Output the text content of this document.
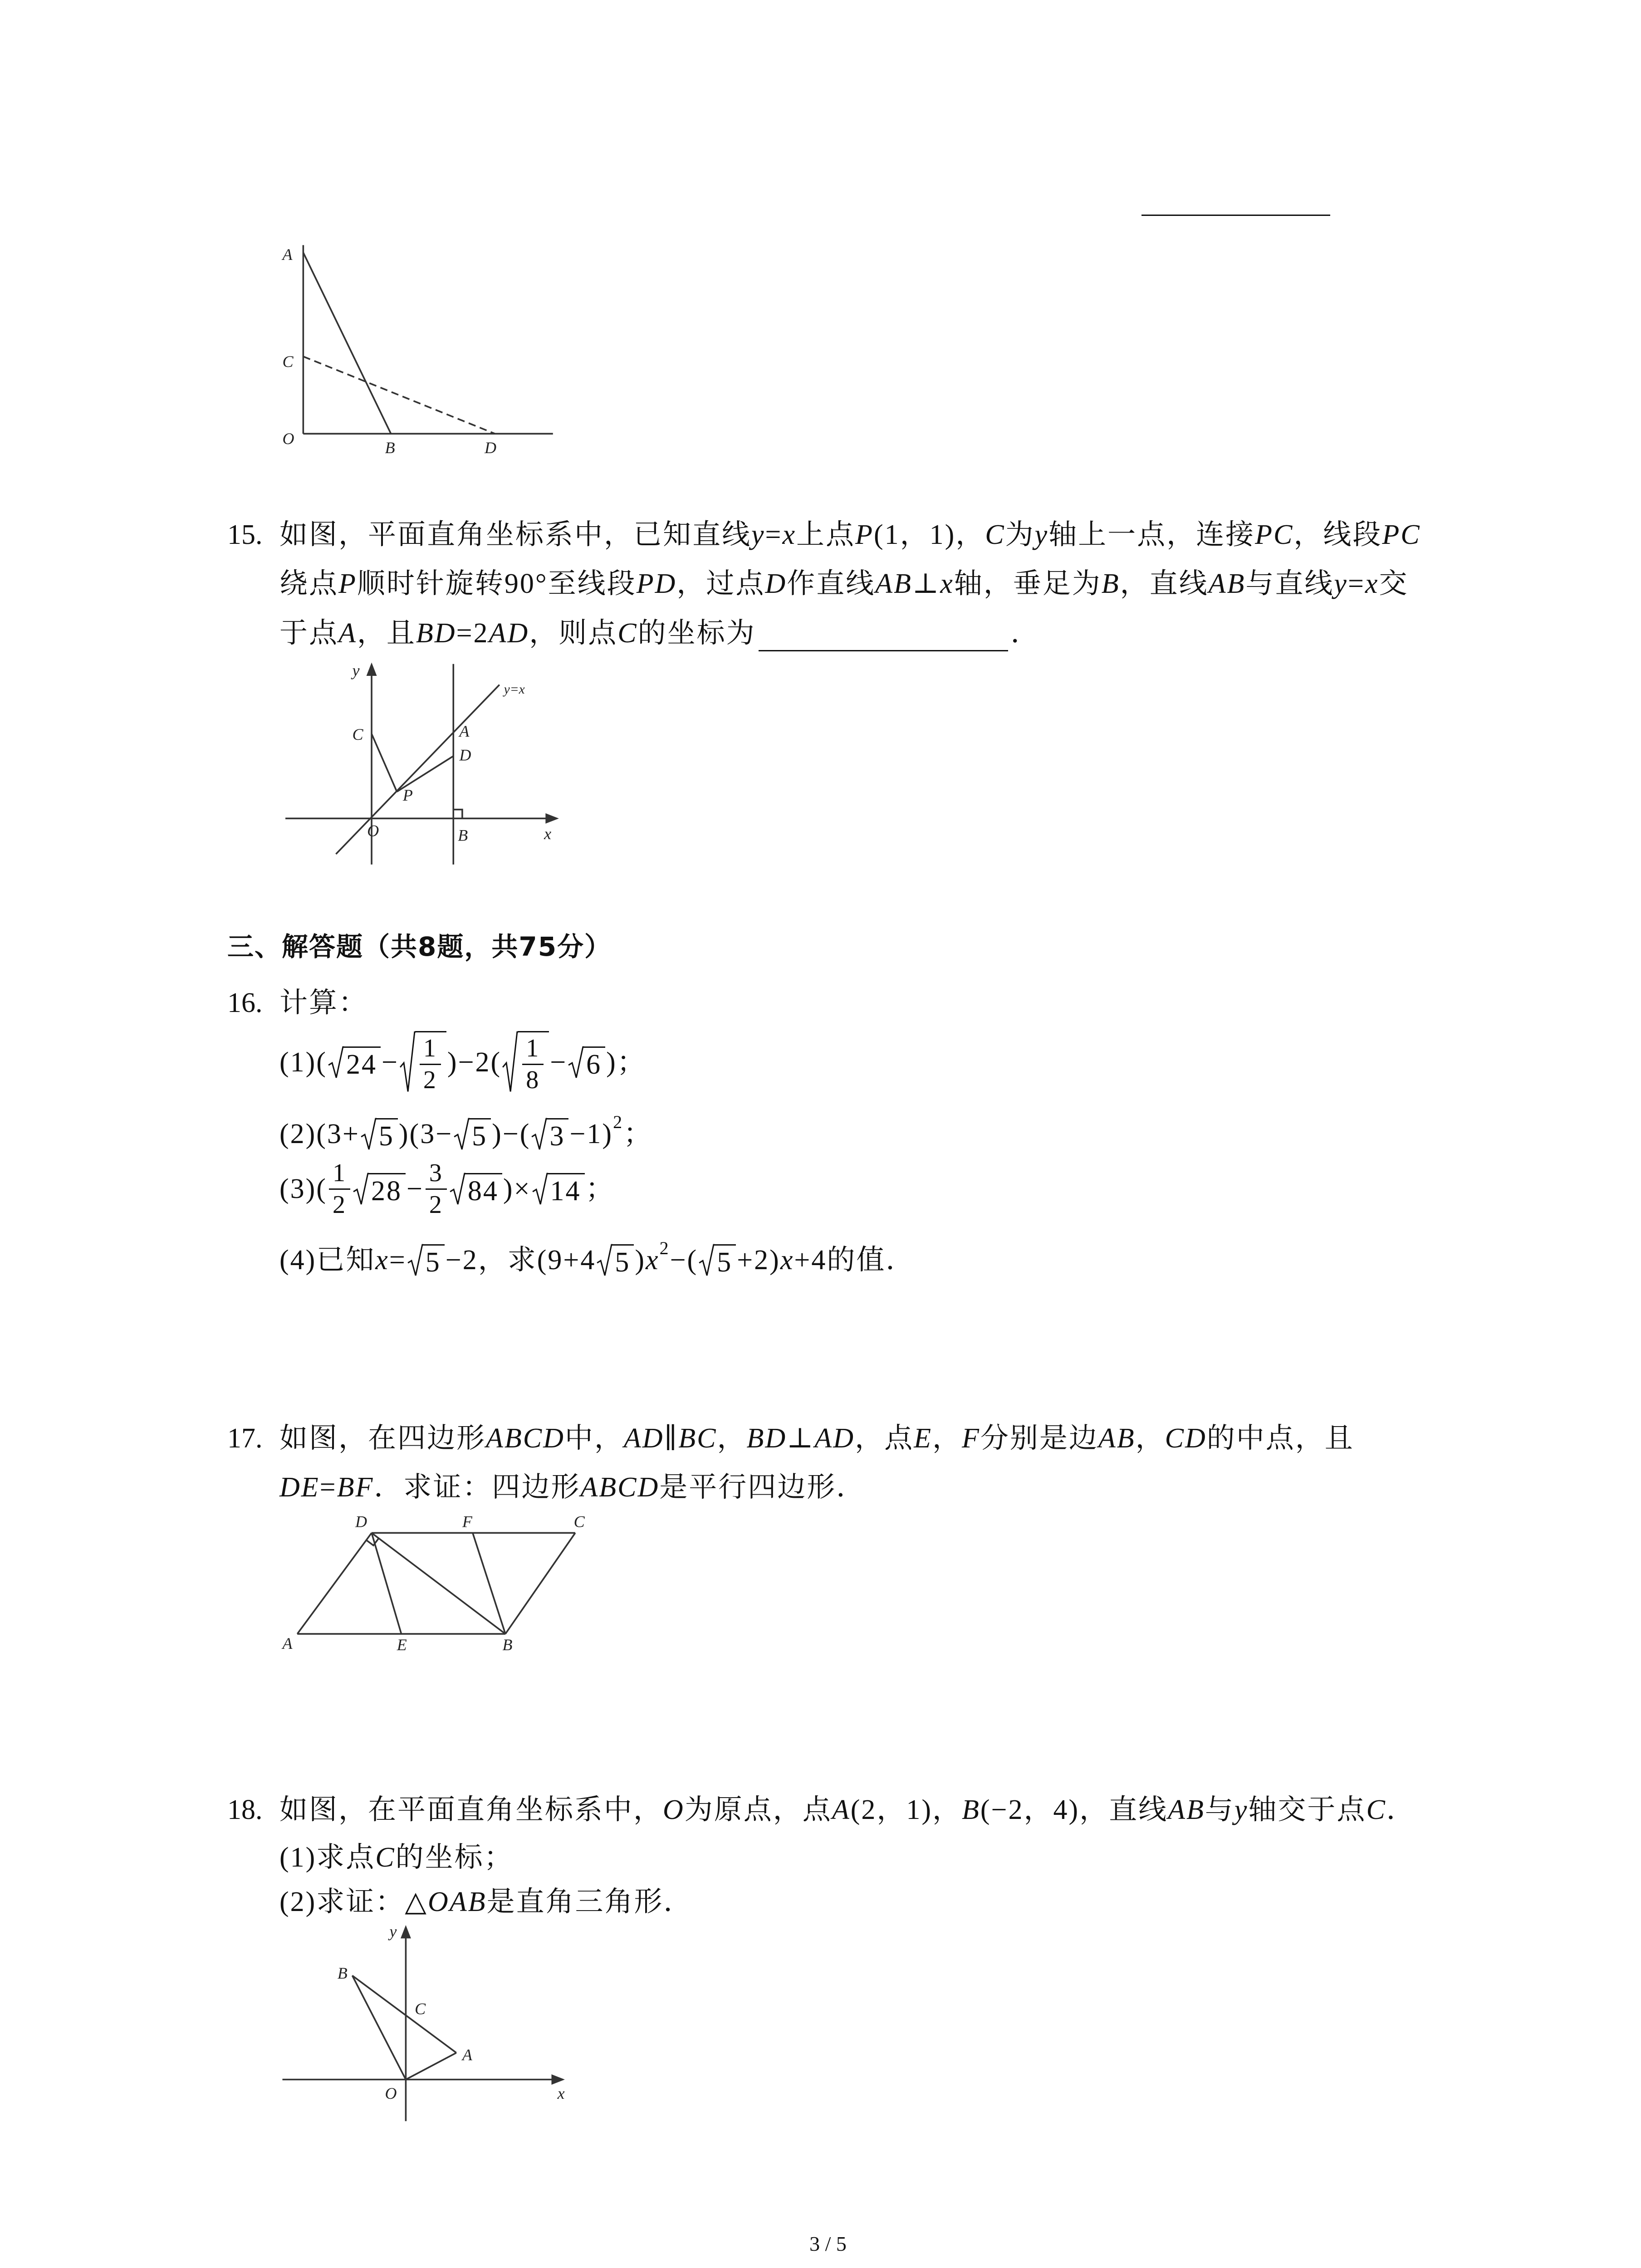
15. 如图，平面直角坐标系中，已知直线 y = x 上点 P (1，1)， C 为 y 轴上一点，连接 PC ，线段 PC
绕点 P 顺时针旋转90°至线段 PD ，过点 D 作直线 AB ⊥ x 轴，垂足为 B ，直线 AB 与直线 y = x 交
于点 A ，且 BD =2 AD ，则点 C 的坐标为	．
三、解答题（共8题，共75分）
16. 计算：
(1)( $24 - \frac{1}{2} )-2( \frac{1}{8} - 6$ )；
(2)(3+ 5 )(3− 5 )−( 3 −1) 2 ；
$(3)( \frac{1}{2} 28 - \frac{3}{2} 84$ )× 14 ；
(4)已知 x = 5 −2，求(9+4 5 ) x 2 −( 5 +2) x +4的值．
17. 如图，在四边形 ABCD 中， AD ∥ BC ， BD ⊥ AD ，点 E ， F 分别是边 AB ， CD 的中点，且
DE = BF ．求证：四边形 ABCD 是平行四边形．
18. 如图，在平面直角坐标系中， O 为原点，点 A (2，1)， B (−2，4)，直线 AB 与 y 轴交于点 C ．
(1)求点 C 的坐标；
(2)求证：△ OAB 是直角三角形．
A
C
O	B	D
y
y=x
C	A
D
P
O	B	x
D	F	C
A	E	B
y
B
C
A
O	x
3 / 5
